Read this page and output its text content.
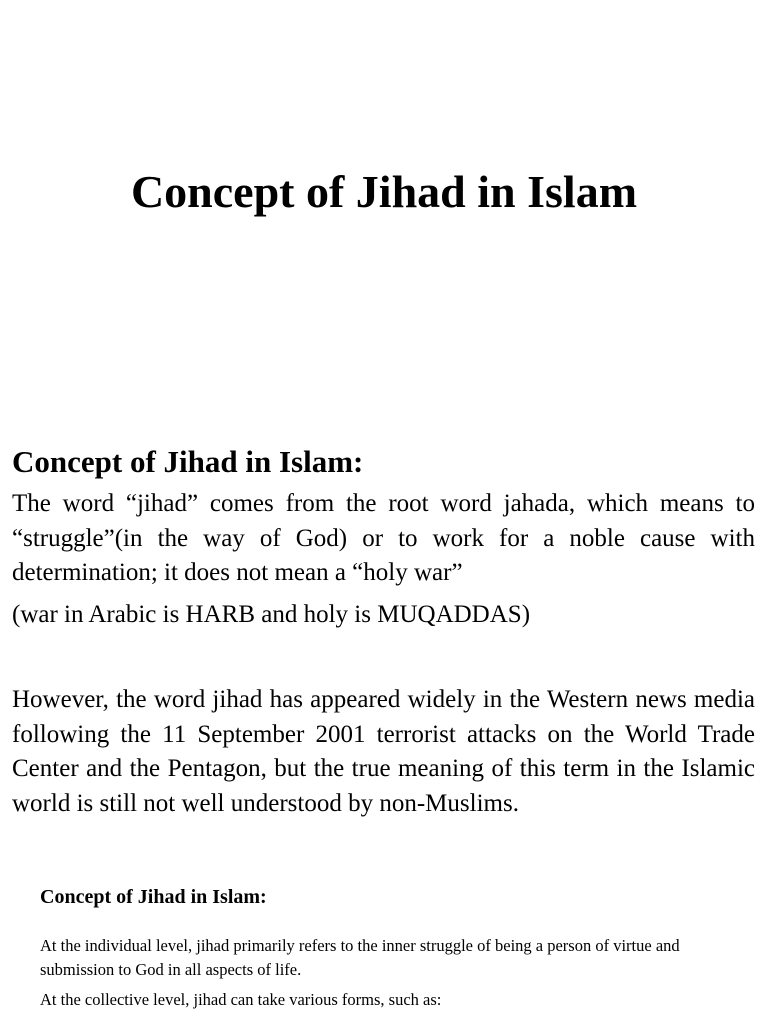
Concept of Jihad in Islam
Concept of Jihad in Islam:

The word “jihad” comes from the root word jahada, which means to “struggle”(in the way of God) or to work for a noble cause with determination; it does not mean a “holy war”

(war in Arabic is HARB and holy is MUQADDAS)

However, the word jihad has appeared widely in the Western news media following the 11 September 2001 terrorist attacks on the World Trade Center and the Pentagon, but the true meaning of this term in the Islamic world is still not well understood by non-Muslims.

Concept of Jihad in Islam:

At the individual level, jihad primarily refers to the inner struggle of being a person of virtue and submission to God in all aspects of life.

At the collective level, jihad can take various forms, such as:
